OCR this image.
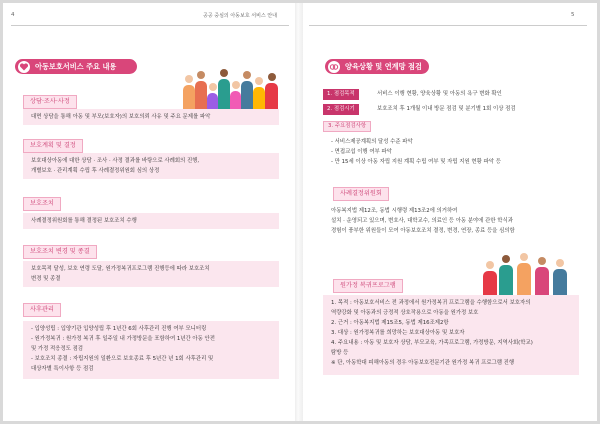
4	공공 중심의 아동보호 서비스 안내
아동보호서비스 주요 내용
상담·조사·사정
대면 상담을 통해 아동 및 부모(보호자)의 보호의뢰 사유 및 주요 문제를 파악
보호계획 및 결정
보호대상아동에 대한 상담 · 조사 · 사정 결과를 바탕으로 사례회의 진행,
개별보호 · 관리계획 수립 후 사례결정위원회 심의 상정
보호조치
사례결정위원회를 통해 결정된 보호조치 수행
보호조치 변경 및 종결
보호목적 달성, 보호 연령 도달, 원가정복귀프로그램 진행등에 따라 보호조치
변경 및 종결
사후관리
- 입양성립 : 입양기관 입양성립 후 1년간 6회 사후관리 진행 여부 모니터링
- 원가정복귀 : 원가정 복귀 후 일주일 내 가정방문을 포함하여 1년간 아동 안전
및 가정 적응정도 점검
- 보호조치 종결 : 자립지원의 일환으로 보호종료 후 5년간 년 1회 사후관리 및
대상자별 특이사항 등 점검
5
양육상황 및 연계망 점검
1. 점검목적	서비스 이행 현황, 양육상황 및 아동의 욕구 변화 확인
2. 점검시기	보호조치 후 1개월 이내 방문 점검 및 분기별 1회 이상 점검
3. 주요점검사항
- 서비스제공계획의 달성 수준 파악
- 면접교섭 이행 여부 파악
- 만 15세 이상 아동 자립 지원 계획 수립 여부 및 자립 지원 현황 파악 등
사례결정위원회
아동복지법 제12조, 동법 시행령 제13조2에 의거하여
설치 · 운영되고 있으며, 변호사, 대학교수, 의료인 등 아동 분야에 관한 학식과
경험이 풍부한 위원들이 모여 아동보호조치 결정, 변경, 연장, 종료 등을 심의함
원가정 복귀프로그램
1. 목적 : 아동보호서비스 전 과정에서 원가정복귀 프로그램을 수행함으로서 보호자의
역량강화 및 아동과의 긍정적 상호작용으로 아동을 원가정 보호
2. 근거 : 아동복지법 제15조5, 동법 제16조제2항
3. 대상 : 원가정복귀를 희망하는 보호대상아동 및 보호자
4. 주요내용 : 아동 및 보호자 상담, 부모교육, 가족프로그램, 가정방문, 지역사회(학교)
탐방 등
※ 단, 아동학대 피해아동의 경우 아동보호전문기관 원가정 복귀 프로그램 진행
